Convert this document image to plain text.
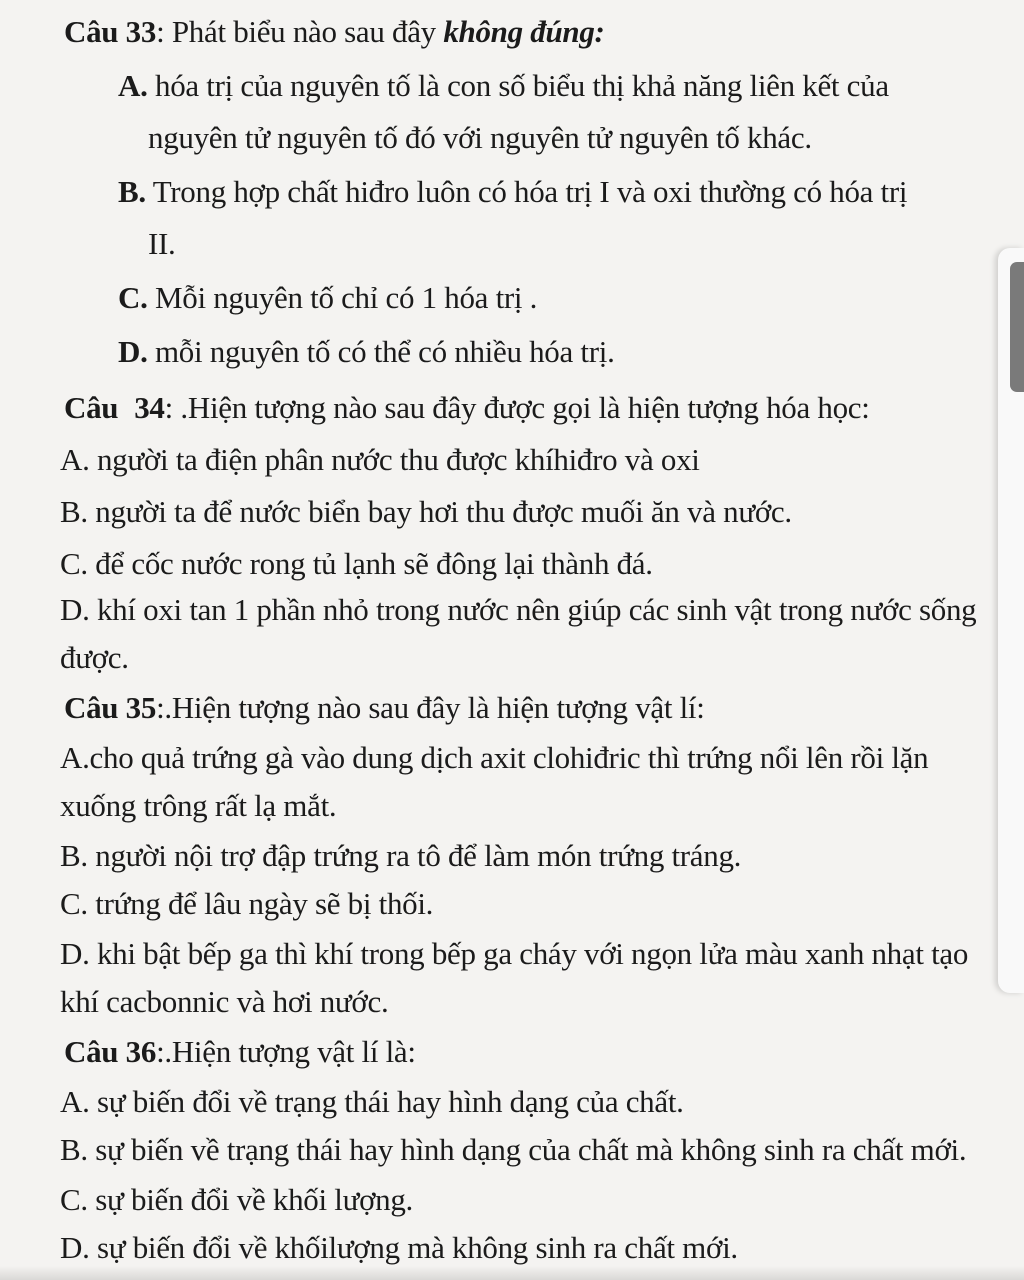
Câu 33: Phát biểu nào sau đây không đúng:
A. hóa trị của nguyên tố là con số biểu thị khả năng liên kết của
nguyên tử nguyên tố đó với nguyên tử nguyên tố khác.
B. Trong hợp chất hiđro luôn có hóa trị I và oxi thường có hóa trị
II.
C. Mỗi nguyên tố chỉ có 1 hóa trị .
D. mỗi nguyên tố có thể có nhiều hóa trị.
Câu 34: .Hiện tượng nào sau đây được gọi là hiện tượng hóa học:
A. người ta điện phân nước thu được khíhiđro và oxi
B. người ta để nước biển bay hơi thu được muối ăn và nước.
C. để cốc nước rong tủ lạnh sẽ đông lại thành đá.
D. khí oxi tan 1 phần nhỏ trong nước nên giúp các sinh vật trong nước sống
được.
Câu 35:.Hiện tượng nào sau đây là hiện tượng vật lí:
A.cho quả trứng gà vào dung dịch axit clohiđric thì trứng nổi lên rồi lặn
xuống trông rất lạ mắt.
B. người nội trợ đập trứng ra tô để làm món trứng tráng.
C. trứng để lâu ngày sẽ bị thối.
D. khi bật bếp ga thì khí trong bếp ga cháy với ngọn lửa màu xanh nhạt tạo
khí cacbonnic và hơi nước.
Câu 36:.Hiện tượng vật lí là:
A. sự biến đổi về trạng thái hay hình dạng của chất.
B. sự biến về trạng thái hay hình dạng của chất mà không sinh ra chất mới.
C. sự biến đổi về khối lượng.
D. sự biến đổi về khốilượng mà không sinh ra chất mới.
